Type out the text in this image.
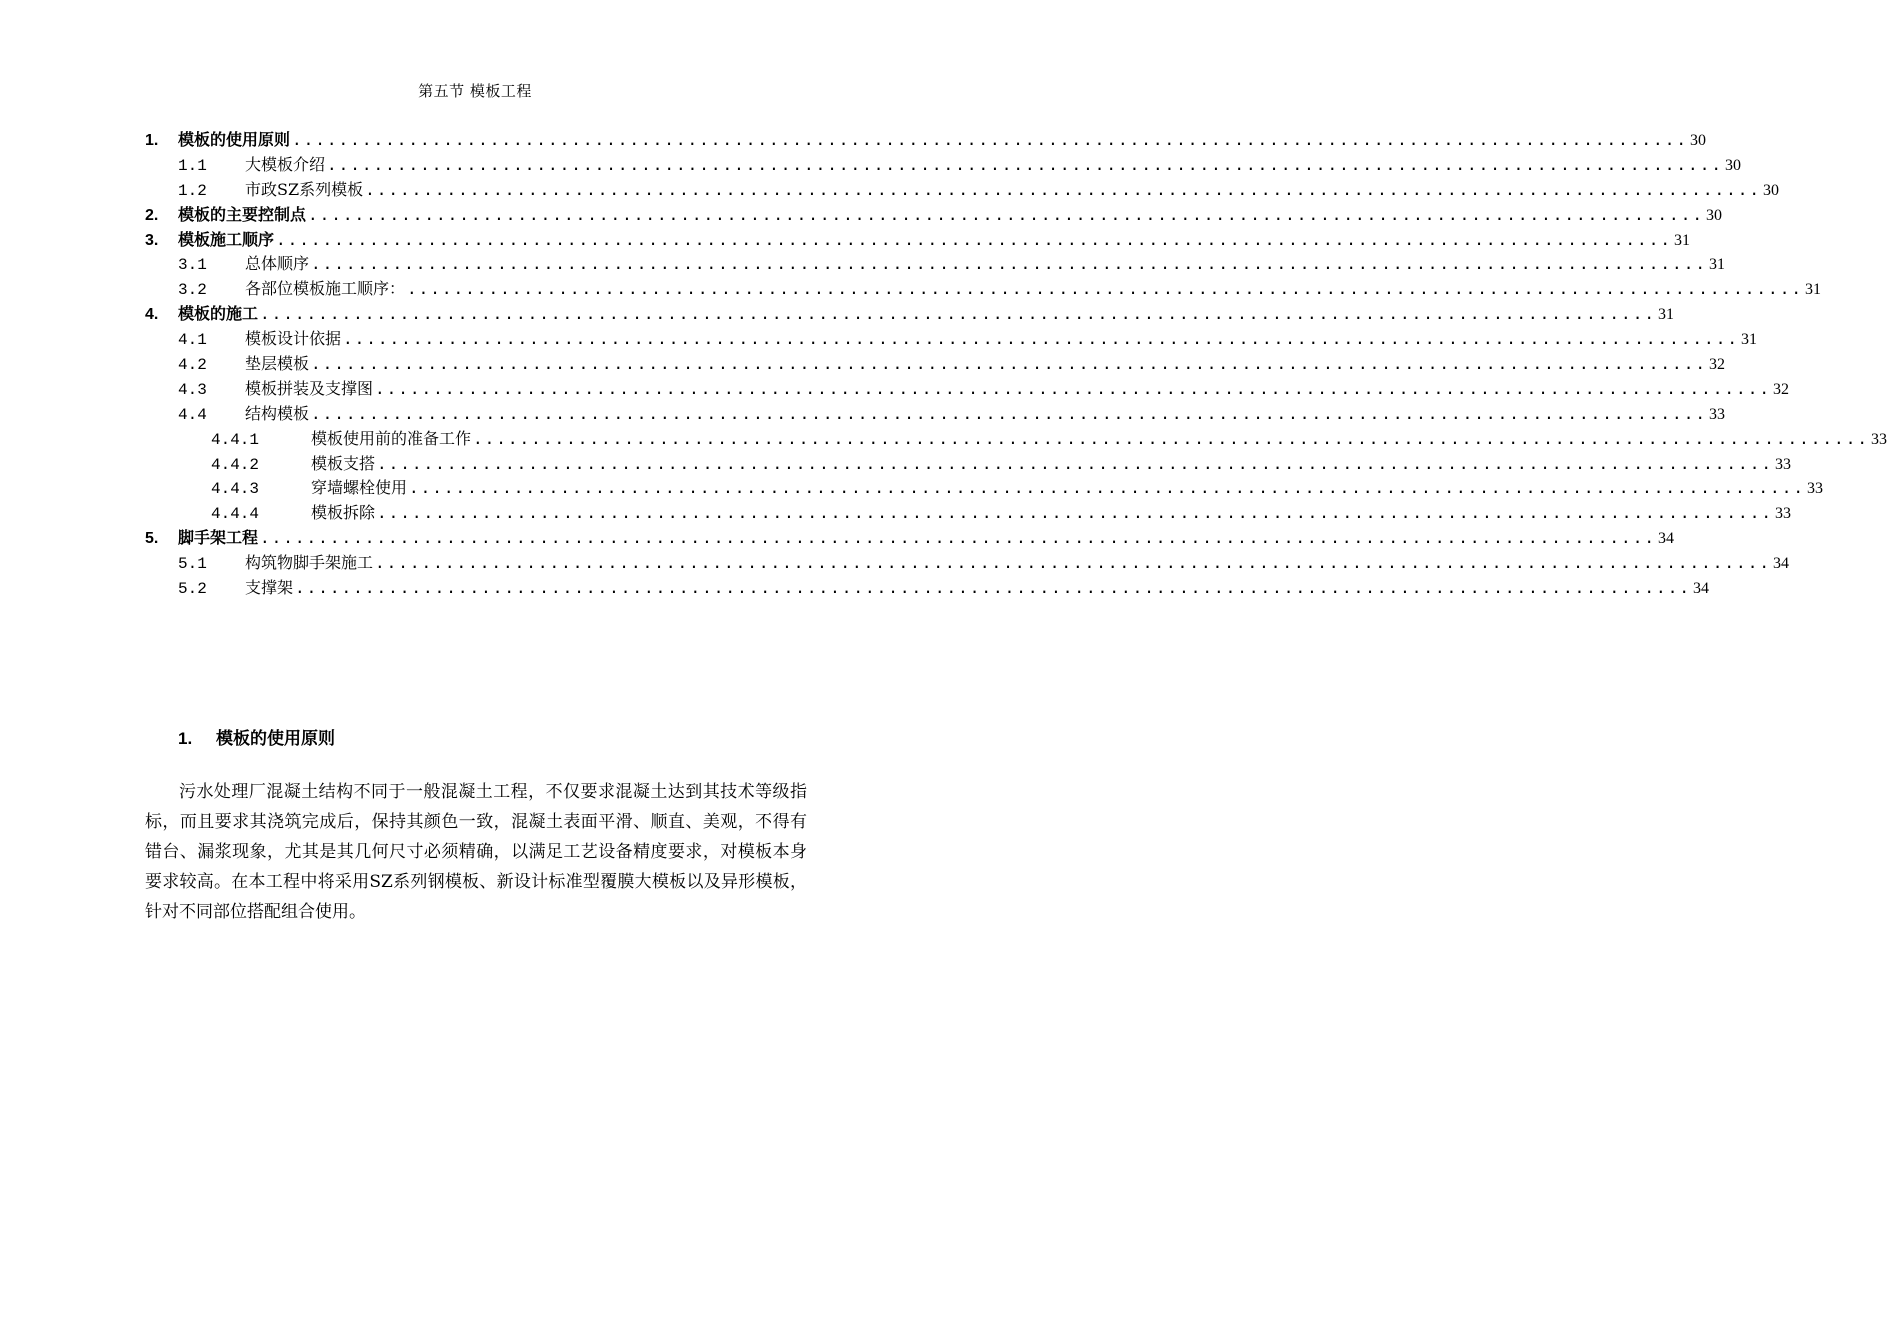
第五节 模板工程
1.	模板的使用原则 ........................................................................................................................ 30
1.1	大模板介绍 ........................................................................................................................ 30
1.2	市政SZ系列模板 ........................................................................................................................ 30
2.	模板的主要控制点 ........................................................................................................................ 30
3.	模板施工顺序 ........................................................................................................................ 31
3.1	总体顺序 ........................................................................................................................ 31
3.2	各部位模板施工顺序： ........................................................................................................................ 31
4.	模板的施工 ........................................................................................................................ 31
4.1	模板设计依据 ........................................................................................................................ 31
4.2	垫层模板 ........................................................................................................................ 32
4.3	模板拼装及支撑图 ........................................................................................................................ 32
4.4	结构模板 ........................................................................................................................ 33
4.4.1	模板使用前的准备工作 ........................................................................................................................ 33
4.4.2	模板支搭 ........................................................................................................................ 33
4.4.3	穿墙螺栓使用 ........................................................................................................................ 33
4.4.4	模板拆除 ........................................................................................................................ 33
5.	脚手架工程 ........................................................................................................................ 34
5.1	构筑物脚手架施工 ........................................................................................................................ 34
5.2	支撑架 ........................................................................................................................ 34
1. 模板的使用原则

污水处理厂混凝土结构不同于一般混凝土工程，不仅要求混凝土达到其技术等级指标，而且要求其浇筑完成后，保持其颜色一致，混凝土表面平滑、顺直、美观，不得有错台、漏浆现象，尤其是其几何尺寸必须精确，以满足工艺设备精度要求，对模板本身要求较高。在本工程中将采用SZ系列钢模板、新设计标准型覆膜大模板以及异形模板，针对不同部位搭配组合使用。
